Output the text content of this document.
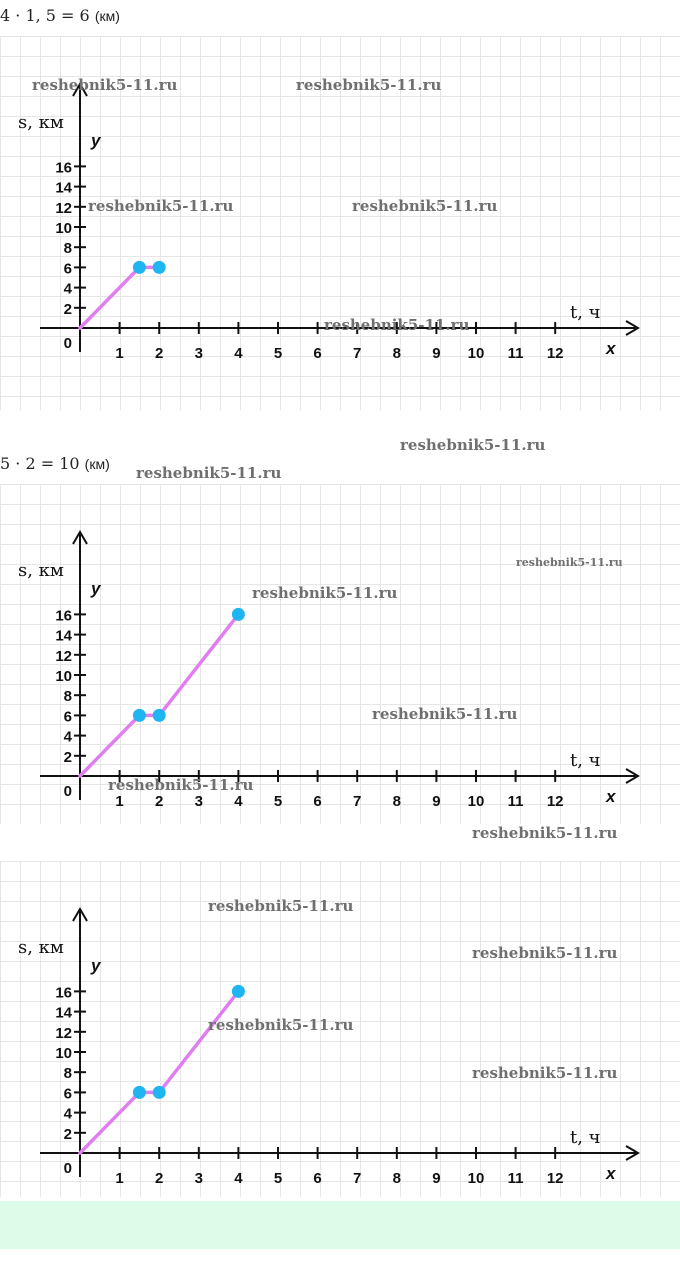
4 · 1, 5 = 6 (км)
5 · 2 = 10 (км)
1 2 3 4 5 6 7 8 9 10 11 12
2
4
6
8
10
12
14
16
0
s, км
y
t, ч
x
1 2 3 4 5 6 7 8 9 10 11 12
2
4
6
8
10
12
14
16
0
s, км
y
t, ч
x
1 2 3 4 5 6 7 8 9 10 11 12
2
4
6
8
10
12
14
16
0
s, км
y
t, ч
x
reshebnik5-11.ru	reshebnik5-11.ru
reshebnik5-11.ru	reshebnik5-11.ru
reshebnik5-11.ru
reshebnik5-11.ru
reshebnik5-11.ru
reshebnik5-11.ru
reshebnik5-11.ru
reshebnik5-11.ru
reshebnik5-11.ru
reshebnik5-11.ru
reshebnik5-11.ru
reshebnik5-11.ru
reshebnik5-11.ru
reshebnik5-11.ru
